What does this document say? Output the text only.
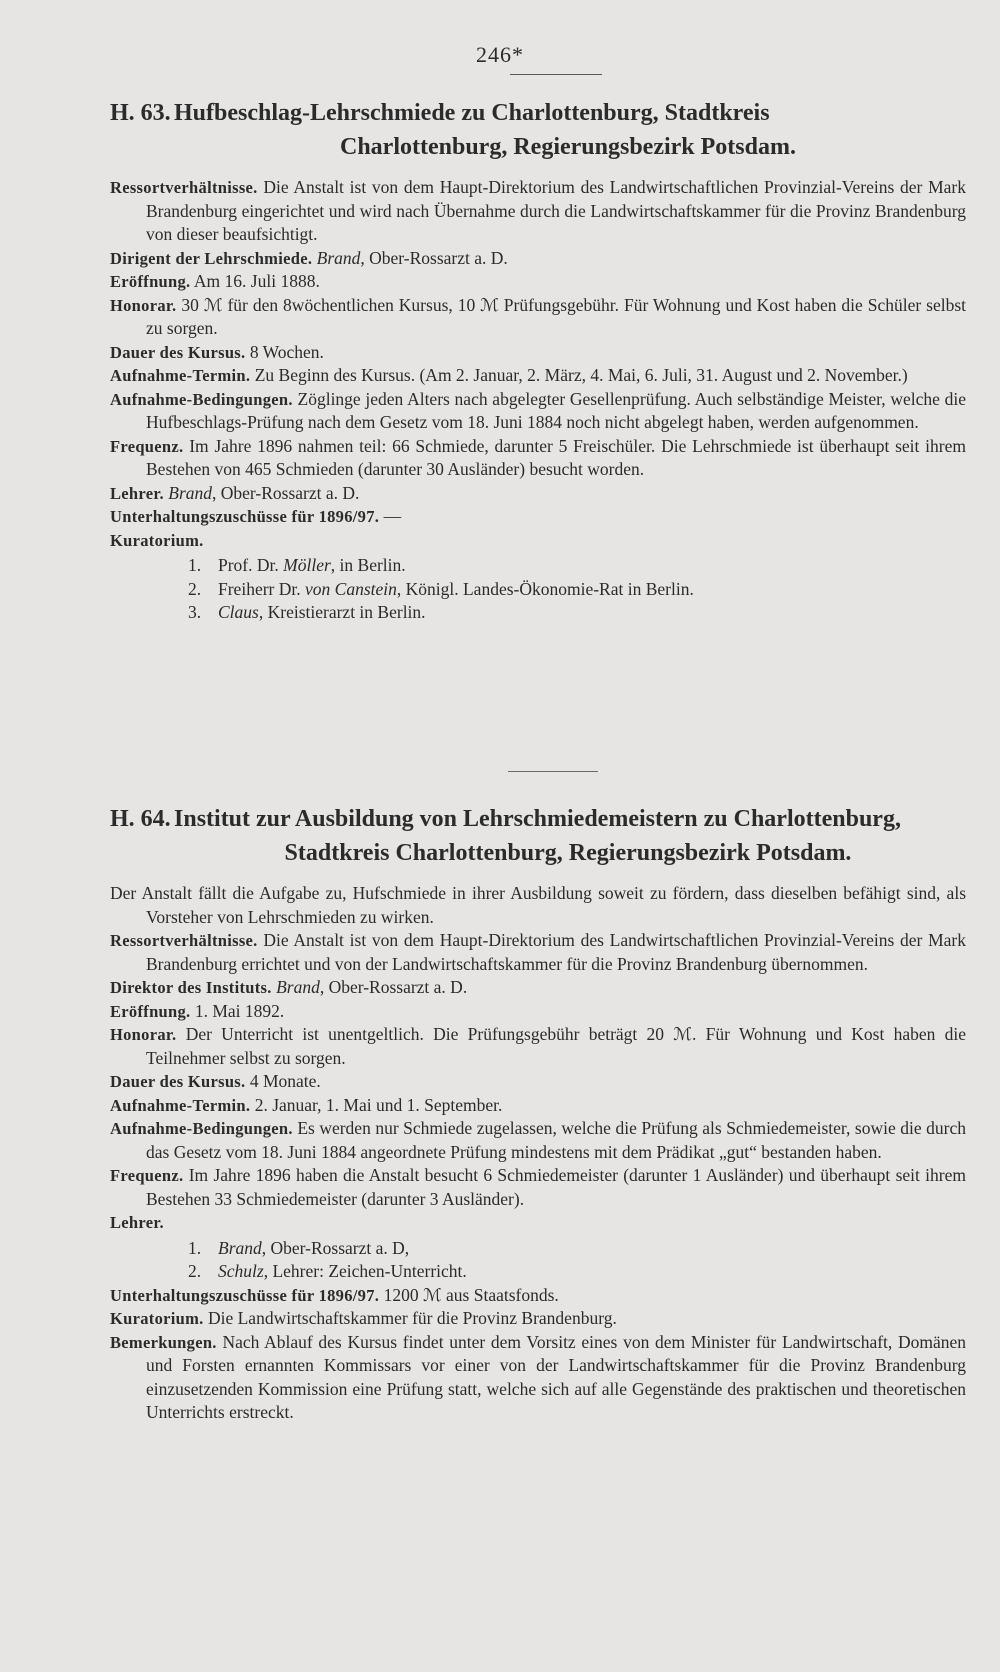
246*
H. 63. Hufbeschlag-Lehrschmiede zu Charlottenburg, Stadtkreis
Charlottenburg, Regierungsbezirk Potsdam.
Ressortverhältnisse. Die Anstalt ist von dem Haupt-Direktorium des Landwirtschaftlichen Provinzial-Vereins der Mark Brandenburg eingerichtet und wird nach Übernahme durch die Landwirtschaftskammer für die Provinz Brandenburg von dieser beaufsichtigt.
Dirigent der Lehrschmiede. Brand, Ober-Rossarzt a. D.
Eröffnung. Am 16. Juli 1888.
Honorar. 30 ℳ für den 8wöchentlichen Kursus, 10 ℳ Prüfungsgebühr. Für Wohnung und Kost haben die Schüler selbst zu sorgen.
Dauer des Kursus. 8 Wochen.
Aufnahme-Termin. Zu Beginn des Kursus. (Am 2. Januar, 2. März, 4. Mai, 6. Juli, 31. August und 2. November.)
Aufnahme-Bedingungen. Zöglinge jeden Alters nach abgelegter Gesellenprüfung. Auch selbständige Meister, welche die Hufbeschlags-Prüfung nach dem Gesetz vom 18. Juni 1884 noch nicht abgelegt haben, werden aufgenommen.
Frequenz. Im Jahre 1896 nahmen teil: 66 Schmiede, darunter 5 Freischüler. Die Lehrschmiede ist überhaupt seit ihrem Bestehen von 465 Schmieden (darunter 30 Ausländer) besucht worden.
Lehrer. Brand, Ober-Rossarzt a. D.
Unterhaltungszuschüsse für 1896/97. —
Kuratorium.
1. Prof. Dr. Möller, in Berlin.
2. Freiherr Dr. von Canstein, Königl. Landes-Ökonomie-Rat in Berlin.
3. Claus, Kreistierarzt in Berlin.
H. 64. Institut zur Ausbildung von Lehrschmiedemeistern zu Charlottenburg,
Stadtkreis Charlottenburg, Regierungsbezirk Potsdam.
Der Anstalt fällt die Aufgabe zu, Hufschmiede in ihrer Ausbildung soweit zu fördern, dass dieselben befähigt sind, als Vorsteher von Lehrschmieden zu wirken.
Ressortverhältnisse. Die Anstalt ist von dem Haupt-Direktorium des Landwirtschaftlichen Provinzial-Vereins der Mark Brandenburg errichtet und von der Landwirtschaftskammer für die Provinz Brandenburg übernommen.
Direktor des Instituts. Brand, Ober-Rossarzt a. D.
Eröffnung. 1. Mai 1892.
Honorar. Der Unterricht ist unentgeltlich. Die Prüfungsgebühr beträgt 20 ℳ. Für Wohnung und Kost haben die Teilnehmer selbst zu sorgen.
Dauer des Kursus. 4 Monate.
Aufnahme-Termin. 2. Januar, 1. Mai und 1. September.
Aufnahme-Bedingungen. Es werden nur Schmiede zugelassen, welche die Prüfung als Schmiedemeister, sowie die durch das Gesetz vom 18. Juni 1884 angeordnete Prüfung mindestens mit dem Prädikat „gut“ bestanden haben.
Frequenz. Im Jahre 1896 haben die Anstalt besucht 6 Schmiedemeister (darunter 1 Ausländer) und überhaupt seit ihrem Bestehen 33 Schmiedemeister (darunter 3 Ausländer).
Lehrer.
1. Brand, Ober-Rossarzt a. D,
2. Schulz, Lehrer: Zeichen-Unterricht.
Unterhaltungszuschüsse für 1896/97. 1200 ℳ aus Staatsfonds.
Kuratorium. Die Landwirtschaftskammer für die Provinz Brandenburg.
Bemerkungen. Nach Ablauf des Kursus findet unter dem Vorsitz eines von dem Minister für Landwirtschaft, Domänen und Forsten ernannten Kommissars vor einer von der Landwirtschaftskammer für die Provinz Brandenburg einzusetzenden Kommission eine Prüfung statt, welche sich auf alle Gegenstände des praktischen und theoretischen Unterrichts erstreckt.
